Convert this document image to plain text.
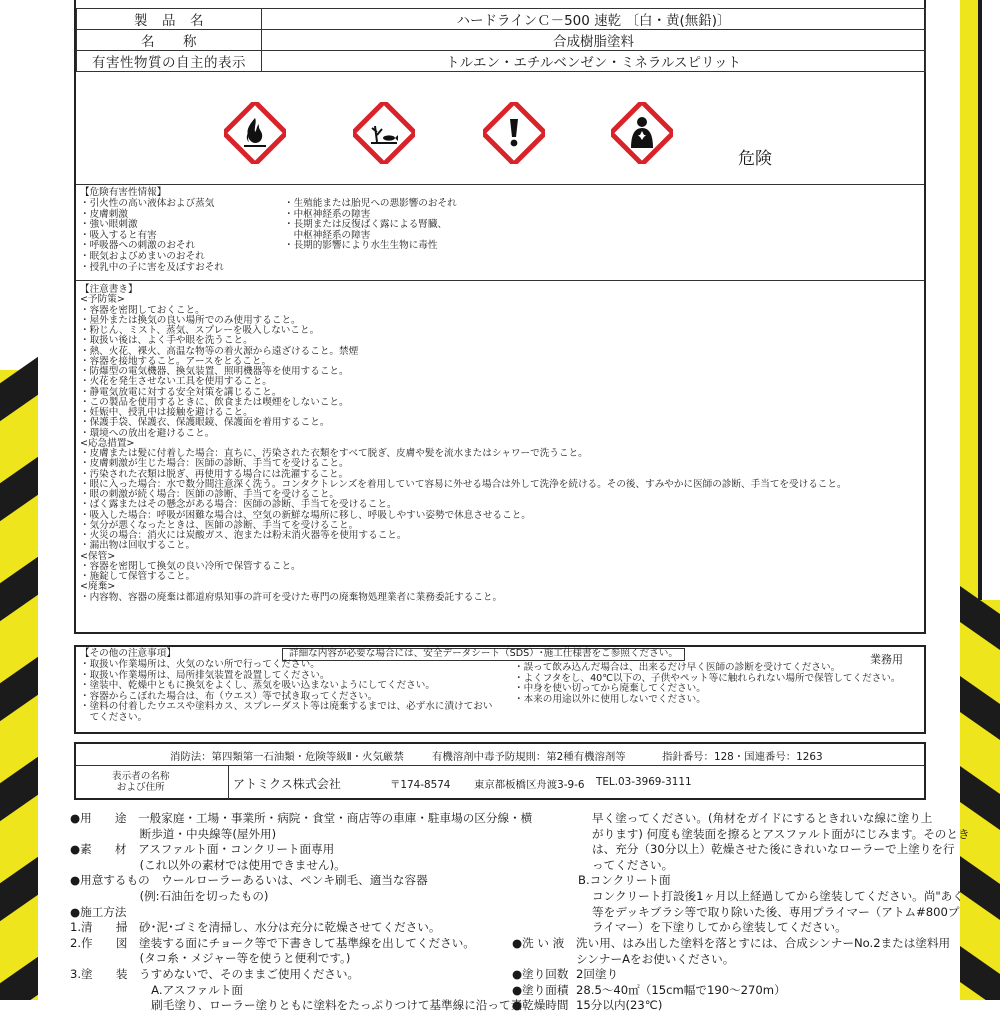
製　品　名	ハードラインＣ－500 速乾 〔白・黄(無鉛)〕
名　　称	合成樹脂塗料
有害性物質の自主的表示	トルエン・エチルベンゼン・ミネラルスピリット
危険
【危険有害性情報】
・引火性の高い液体および蒸気
・皮膚刺激
・強い眼刺激
・吸入すると有害
・呼吸器への刺激のおそれ
・眠気およびめまいのおそれ
・授乳中の子に害を及ぼすおそれ
・生殖能または胎児への悪影響のおそれ
・中枢神経系の障害
・長期または反復ばく露による腎臓、
　中枢神経系の障害
・長期的影響により水生生物に毒性
【注意書き】
<予防策>
・容器を密閉しておくこと。
・屋外または換気の良い場所でのみ使用すること。
・粉じん、ミスト、蒸気、スプレーを吸入しないこと。
・取扱い後は、よく手や眼を洗うこと。
・熱、火花、裸火、高温な物等の着火源から遠ざけること。禁煙
・容器を接地すること。アースをとること。
・防爆型の電気機器、換気装置、照明機器等を使用すること。
・火花を発生させない工具を使用すること。
・静電気放電に対する安全対策を講じること。
・この製品を使用するときに、飲食または喫煙をしないこと。
・妊娠中、授乳中は接触を避けること。
・保護手袋、保護衣、保護眼鏡、保護面を着用すること。
・環境への放出を避けること。
<応急措置>
・皮膚または髪に付着した場合：直ちに、汚染された衣類をすべて脱ぎ、皮膚や髪を流水またはシャワーで洗うこと。
・皮膚刺激が生じた場合：医師の診断、手当てを受けること。
・汚染された衣類は脱ぎ、再使用する場合には洗濯すること。
・眼に入った場合：水で数分間注意深く洗う。コンタクトレンズを着用していて容易に外せる場合は外して洗浄を続ける。その後、すみやかに医師の診断、手当てを受けること。
・眼の刺激が続く場合：医師の診断、手当てを受けること。
・ばく露またはその懸念がある場合：医師の診断、手当てを受けること。
・吸入した場合：呼吸が困難な場合は、空気の新鮮な場所に移し、呼吸しやすい姿勢で休息させること。
・気分が悪くなったときは、医師の診断、手当てを受けること。
・火災の場合：消火には炭酸ガス、泡または粉末消火器等を使用すること。
・漏出物は回収すること。
<保管>
・容器を密閉して換気の良い冷所で保管すること。
・施錠して保管すること。
<廃棄>
・内容物、容器の廃棄は都道府県知事の許可を受けた専門の廃棄物処理業者に業務委託すること。
【その他の注意事項】	詳細な内容が必要な場合には、安全データシート（SDS）･施工仕様書をご参照ください。	業務用
・取扱い作業場所は、火気のない所で行ってください。
・取扱い作業場所は、局所排気装置を設置してください。
・塗装中、乾燥中ともに換気をよくし、蒸気を吸い込まないようにしてください。
・容器からこぼれた場合は、布（ウエス）等で拭き取ってください。
・塗料の付着したウエスや塗料カス、スプレーダスト等は廃棄するまでは、必ず水に漬けておい
　てください。
・誤って飲み込んだ場合は、出来るだけ早く医師の診断を受けてください。
・よくフタをし、40℃以下の、子供やペット等に触れられない場所で保管してください。
・中身を使い切ってから廃棄してください。
・本来の用途以外に使用しないでください。
消防法：第四類第一石油類・危険等級Ⅱ・火気厳禁	有機溶剤中毒予防規則：第2種有機溶剤等	指針番号：128・国連番号：1263
表示者の名称
および住所	アトミクス株式会社	〒174-8574 東京都板橋区舟渡3-9-6 TEL.03-3969-3111
●用　　途　一般家庭・工場・事業所・病院・食堂・商店等の車庫・駐車場の区分線・横
　　　　　　断歩道・中央線等(屋外用)
●素　　材　アスファルト面・コンクリート面専用
　　　　　　(これ以外の素材では使用できません)。
●用意するもの　ウールローラーあるいは、ペンキ刷毛、適当な容器
　　　　　　(例:石油缶を切ったもの)
●施工方法
1.清　　掃　砂･泥･ゴミを清掃し、水分は充分に乾燥させてください。
2.作　　図　塗装する面にチョーク等で下書きして基準線を出してください。
　　　　　　(タコ糸・メジャー等を使うと便利です。)
3.塗　　装　うすめないで、そのままご使用ください。
　　　　　　　A.アスファルト面
　　　　　　　刷毛塗り、ローラー塗りともに塗料をたっぷりつけて基準線に沿って素
早く塗ってください。(角材をガイドにするときれいな線に塗り上
がります) 何度も塗装面を擦るとアスファルト面がにじみます。そのとき
は、充分（30分以上）乾燥させた後にきれいなローラーで上塗りを行
ってください。
B.コンクリート面
コンクリート打設後1ヶ月以上経過してから塗装してください。尚"あく"
等をデッキブラシ等で取り除いた後、専用プライマー（アトム#800プ
ライマー）を下塗りしてから塗装してください。
●洗 い 液 洗い用、はみ出した塗料を落とすには、合成シンナーNo.2または塗料用
シンナーAをお使いください。
●塗り回数 2回塗り
●塗り面積 28.5～40㎡（15cm幅で190～270m）
●乾燥時間 15分以内(23℃)
